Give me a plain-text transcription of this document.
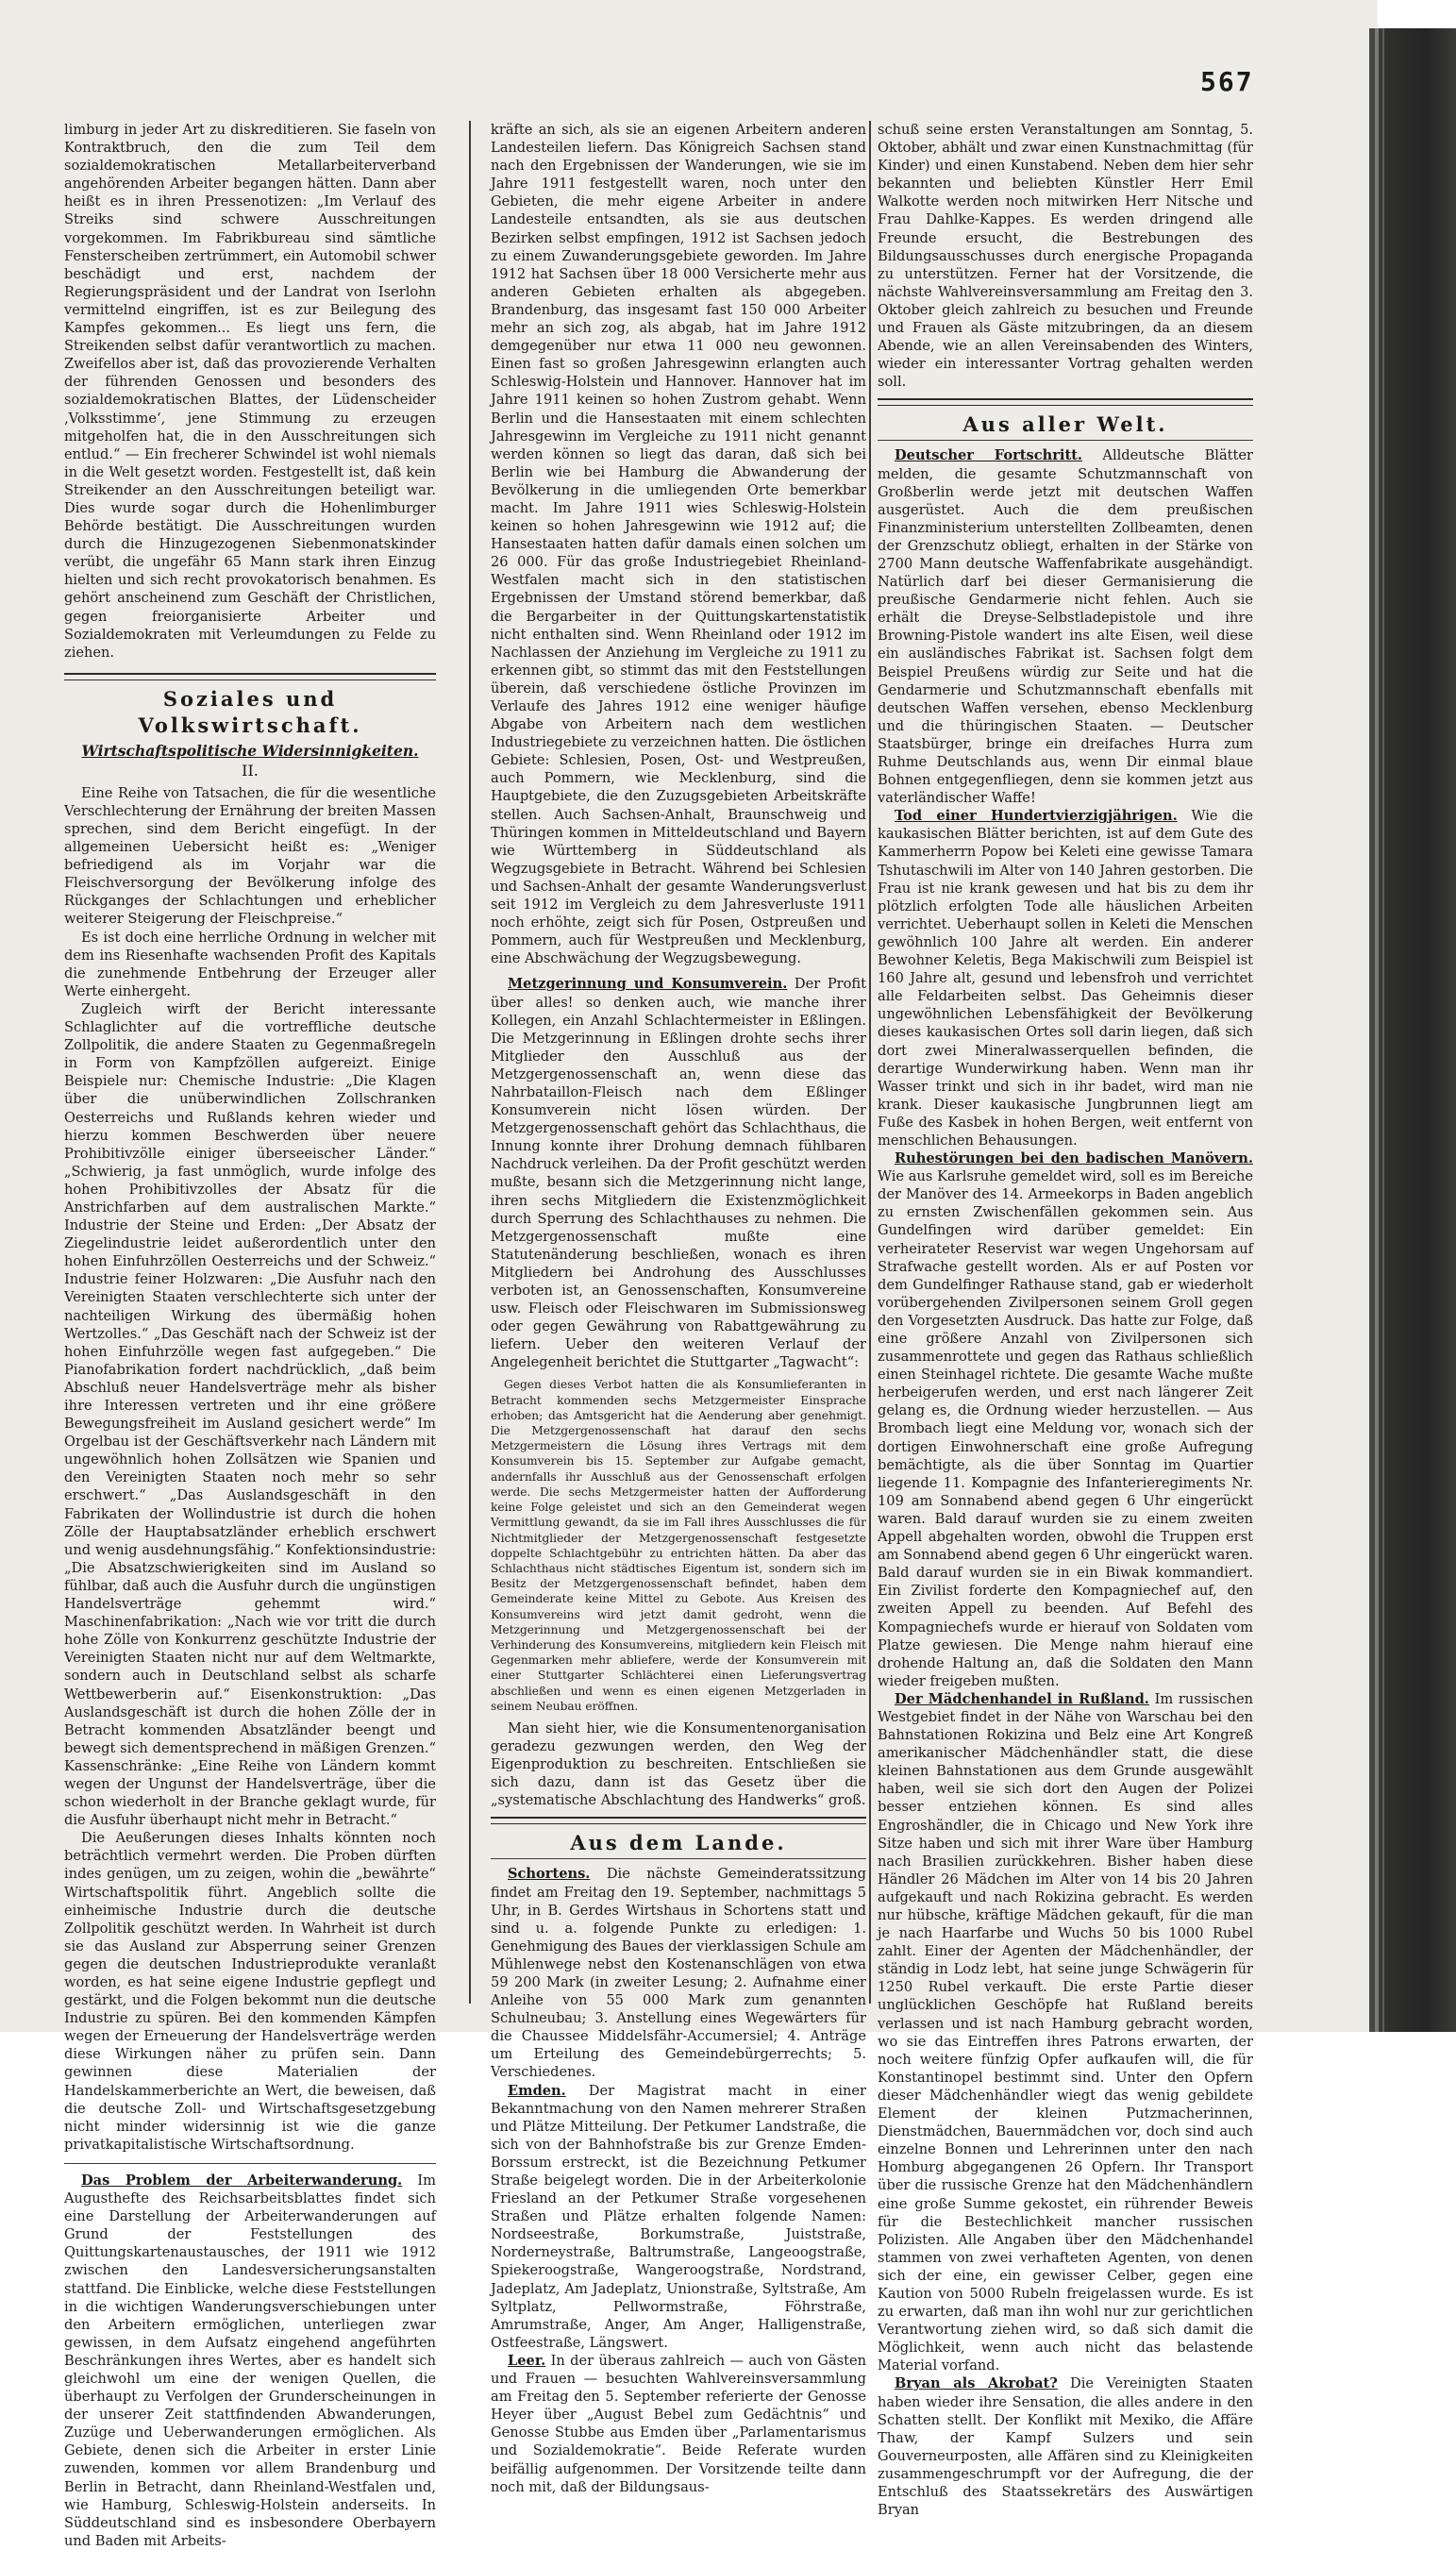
567

limburg in jeder Art zu diskreditieren. Sie faseln von Kontraktbruch, den die zum Teil dem sozialdemokratischen Metallarbeiterverband angehörenden Arbeiter begangen hätten. Dann aber heißt es in ihren Pressenotizen: „Im Verlauf des Streiks sind schwere Ausschreitungen vorgekommen. Im Fabrikbureau sind sämtliche Fensterscheiben zertrümmert, ein Automobil schwer beschädigt und erst, nachdem der Regierungspräsident und der Landrat von Iserlohn vermittelnd eingriffen, ist es zur Beilegung des Kampfes gekommen... Es liegt uns fern, die Streikenden selbst dafür verantwortlich zu machen. Zweifellos aber ist, daß das provozierende Verhalten der führenden Genossen und besonders des sozialdemokratischen Blattes, der Lüdenscheider ‚Volksstimme‘, jene Stimmung zu erzeugen mitgeholfen hat, die in den Ausschreitungen sich entlud.“ — Ein frecherer Schwindel ist wohl niemals in die Welt gesetzt worden. Festgestellt ist, daß kein Streikender an den Ausschreitungen beteiligt war. Dies wurde sogar durch die Hohenlimburger Behörde bestätigt. Die Ausschreitungen wurden durch die Hinzugezogenen Siebenmonatskinder verübt, die ungefähr 65 Mann stark ihren Einzug hielten und sich recht provokatorisch benahmen. Es gehört anscheinend zum Geschäft der Christlichen, gegen freiorganisierte Arbeiter und Sozialdemokraten mit Verleumdungen zu Felde zu ziehen.

Soziales und Volkswirtschaft.
Wirtschaftspolitische Widersinnigkeiten.
II.

Eine Reihe von Tatsachen, die für die wesentliche Verschlechterung der Ernährung der breiten Massen sprechen, sind dem Bericht eingefügt. In der allgemeinen Uebersicht heißt es: „Weniger befriedigend als im Vorjahr war die Fleischversorgung der Bevölkerung infolge des Rückganges der Schlachtungen und erheblicher weiterer Steigerung der Fleischpreise.“

Es ist doch eine herrliche Ordnung in welcher mit dem ins Riesenhafte wachsenden Profit des Kapitals die zunehmende Entbehrung der Erzeuger aller Werte einhergeht.

Zugleich wirft der Bericht interessante Schlaglichter auf die vortreffliche deutsche Zollpolitik, die andere Staaten zu Gegenmaßregeln in Form von Kampfzöllen aufgereizt. Einige Beispiele nur: Chemische Industrie: „Die Klagen über die unüberwindlichen Zollschranken Oesterreichs und Rußlands kehren wieder und hierzu kommen Beschwerden über neuere Prohibitivzölle einiger überseeischer Länder.“ „Schwierig, ja fast unmöglich, wurde infolge des hohen Prohibitivzolles der Absatz für die Anstrichfarben auf dem australischen Markte.“ Industrie der Steine und Erden: „Der Absatz der Ziegelindustrie leidet außerordentlich unter den hohen Einfuhrzöllen Oesterreichs und der Schweiz.“ Industrie feiner Holzwaren: „Die Ausfuhr nach den Vereinigten Staaten verschlechterte sich unter der nachteiligen Wirkung des übermäßig hohen Wertzolles.“ „Das Geschäft nach der Schweiz ist der hohen Einfuhrzölle wegen fast aufgegeben.“ Die Pianofabrikation fordert nachdrücklich, „daß beim Abschluß neuer Handelsverträge mehr als bisher ihre Interessen vertreten und ihr eine größere Bewegungsfreiheit im Ausland gesichert werde“ Im Orgelbau ist der Geschäftsverkehr nach Ländern mit ungewöhnlich hohen Zollsätzen wie Spanien und den Vereinigten Staaten noch mehr so sehr erschwert.“ „Das Auslandsgeschäft in den Fabrikaten der Wollindustrie ist durch die hohen Zölle der Hauptabsatzländer erheblich erschwert und wenig ausdehnungsfähig.“ Konfektionsindustrie: „Die Absatzschwierigkeiten sind im Ausland so fühlbar, daß auch die Ausfuhr durch die ungünstigen Handelsverträge gehemmt wird.“ Maschinenfabrikation: „Nach wie vor tritt die durch hohe Zölle von Konkurrenz geschützte Industrie der Vereinigten Staaten nicht nur auf dem Weltmarkte, sondern auch in Deutschland selbst als scharfe Wettbewerberin auf.“ Eisenkonstruktion: „Das Auslandsgeschäft ist durch die hohen Zölle der in Betracht kommenden Absatzländer beengt und bewegt sich dementsprechend in mäßigen Grenzen.“ Kassenschränke: „Eine Reihe von Ländern kommt wegen der Ungunst der Handelsverträge, über die schon wiederholt in der Branche geklagt wurde, für die Ausfuhr überhaupt nicht mehr in Betracht.“

Die Aeußerungen dieses Inhalts könnten noch beträchtlich vermehrt werden. Die Proben dürften indes genügen, um zu zeigen, wohin die „bewährte“ Wirtschaftspolitik führt. Angeblich sollte die einheimische Industrie durch die deutsche Zollpolitik geschützt werden. In Wahrheit ist durch sie das Ausland zur Absperrung seiner Grenzen gegen die deutschen Industrieprodukte veranlaßt worden, es hat seine eigene Industrie gepflegt und gestärkt, und die Folgen bekommt nun die deutsche Industrie zu spüren. Bei den kommenden Kämpfen wegen der Erneuerung der Handelsverträge werden diese Wirkungen näher zu prüfen sein. Dann gewinnen diese Materialien der Handelskammerberichte an Wert, die beweisen, daß die deutsche Zoll- und Wirtschaftsgesetzgebung nicht minder widersinnig ist wie die ganze privatkapitalistische Wirtschaftsordnung.

Das Problem der Arbeiterwanderung. Im Augusthefte des Reichsarbeitsblattes findet sich eine Darstellung der Arbeiterwanderungen auf Grund der Feststellungen des Quittungskartenaustausches, der 1911 wie 1912 zwischen den Landesversicherungsanstalten stattfand. Die Einblicke, welche diese Feststellungen in die wichtigen Wanderungsverschiebungen unter den Arbeitern ermöglichen, unterliegen zwar gewissen, in dem Aufsatz eingehend angeführten Beschränkungen ihres Wertes, aber es handelt sich gleichwohl um eine der wenigen Quellen, die überhaupt zu Verfolgen der Grunderscheinungen in der unserer Zeit stattfindenden Abwanderungen, Zuzüge und Ueberwanderungen ermöglichen. Als Gebiete, denen sich die Arbeiter in erster Linie zuwenden, kommen vor allem Brandenburg und Berlin in Betracht, dann Rheinland-Westfalen und, wie Hamburg, Schleswig-Holstein anderseits. In Süddeutschland sind es insbesondere Oberbayern und Baden mit Arbeits-

kräfte an sich, als sie an eigenen Arbeitern anderen Landesteilen liefern. Das Königreich Sachsen stand nach den Ergebnissen der Wanderungen, wie sie im Jahre 1911 festgestellt waren, noch unter den Gebieten, die mehr eigene Arbeiter in andere Landesteile entsandten, als sie aus deutschen Bezirken selbst empfingen, 1912 ist Sachsen jedoch zu einem Zuwanderungsgebiete geworden. Im Jahre 1912 hat Sachsen über 18 000 Versicherte mehr aus anderen Gebieten erhalten als abgegeben. Brandenburg, das insgesamt fast 150 000 Arbeiter mehr an sich zog, als abgab, hat im Jahre 1912 demgegenüber nur etwa 11 000 neu gewonnen. Einen fast so großen Jahresgewinn erlangten auch Schleswig-Holstein und Hannover. Hannover hat im Jahre 1911 keinen so hohen Zustrom gehabt. Wenn Berlin und die Hansestaaten mit einem schlechten Jahresgewinn im Vergleiche zu 1911 nicht genannt werden können so liegt das daran, daß sich bei Berlin wie bei Hamburg die Abwanderung der Bevölkerung in die umliegenden Orte bemerkbar macht. Im Jahre 1911 wies Schleswig-Holstein keinen so hohen Jahresgewinn wie 1912 auf; die Hansestaaten hatten dafür damals einen solchen um 26 000. Für das große Industriegebiet Rheinland-Westfalen macht sich in den statistischen Ergebnissen der Umstand störend bemerkbar, daß die Bergarbeiter in der Quittungskartenstatistik nicht enthalten sind. Wenn Rheinland oder 1912 im Nachlassen der Anziehung im Vergleiche zu 1911 zu erkennen gibt, so stimmt das mit den Feststellungen überein, daß verschiedene östliche Provinzen im Verlaufe des Jahres 1912 eine weniger häufige Abgabe von Arbeitern nach dem westlichen Industriegebiete zu verzeichnen hatten. Die östlichen Gebiete: Schlesien, Posen, Ost- und Westpreußen, auch Pommern, wie Mecklenburg, sind die Hauptgebiete, die den Zuzugsgebieten Arbeitskräfte stellen. Auch Sachsen-Anhalt, Braunschweig und Thüringen kommen in Mitteldeutschland und Bayern wie Württemberg in Süddeutschland als Wegzugsgebiete in Betracht. Während bei Schlesien und Sachsen-Anhalt der gesamte Wanderungsverlust seit 1912 im Vergleich zu dem Jahresverluste 1911 noch erhöhte, zeigt sich für Posen, Ostpreußen und Pommern, auch für Westpreußen und Mecklenburg, eine Abschwächung der Wegzugsbewegung.

Metzgerinnung und Konsumverein. Der Profit über alles! so denken auch, wie manche ihrer Kollegen, ein Anzahl Schlachtermeister in Eßlingen. Die Metzgerinnung in Eßlingen drohte sechs ihrer Mitglieder den Ausschluß aus der Metzgergenossenschaft an, wenn diese das Nahrbataillon-Fleisch nach dem Eßlinger Konsumverein nicht lösen würden. Der Metzgergenossenschaft gehört das Schlachthaus, die Innung konnte ihrer Drohung demnach fühlbaren Nachdruck verleihen. Da der Profit geschützt werden mußte, besann sich die Metzgerinnung nicht lange, ihren sechs Mitgliedern die Existenzmöglichkeit durch Sperrung des Schlachthauses zu nehmen. Die Metzgergenossenschaft mußte eine Statutenänderung beschließen, wonach es ihren Mitgliedern bei Androhung des Ausschlusses verboten ist, an Genossenschaften, Konsumvereine usw. Fleisch oder Fleischwaren im Submissionsweg oder gegen Gewährung von Rabattgewährung zu liefern. Ueber den weiteren Verlauf der Angelegenheit berichtet die Stuttgarter „Tagwacht“:

Gegen dieses Verbot hatten die als Konsumlieferanten in Betracht kommenden sechs Metzgermeister Einsprache erhoben; das Amtsgericht hat die Aenderung aber genehmigt. Die Metzgergenossenschaft hat darauf den sechs Metzgermeistern die Lösung ihres Vertrags mit dem Konsumverein bis 15. September zur Aufgabe gemacht, andernfalls ihr Ausschluß aus der Genossenschaft erfolgen werde. Die sechs Metzgermeister hatten der Aufforderung keine Folge geleistet und sich an den Gemeinderat wegen Vermittlung gewandt, da sie im Fall ihres Ausschlusses die für Nichtmitglieder der Metzgergenossenschaft festgesetzte doppelte Schlachtgebühr zu entrichten hätten. Da aber das Schlachthaus nicht städtisches Eigentum ist, sondern sich im Besitz der Metzgergenossenschaft befindet, haben dem Gemeinderate keine Mittel zu Gebote. Aus Kreisen des Konsumvereins wird jetzt damit gedroht, wenn die Metzgerinnung und Metzgergenossenschaft bei der Verhinderung des Konsumvereins, mitgliedern kein Fleisch mit Gegenmarken mehr abliefere, werde der Konsumverein mit einer Stuttgarter Schlächterei einen Lieferungsvertrag abschließen und wenn es einen eigenen Metzgerladen in seinem Neubau eröffnen.

Man sieht hier, wie die Konsumentenorganisation geradezu gezwungen werden, den Weg der Eigenproduktion zu beschreiten. Entschließen sie sich dazu, dann ist das Gesetz über die „systematische Abschlachtung des Handwerks“ groß.

Aus dem Lande.

Schortens. Die nächste Gemeinderatssitzung findet am Freitag den 19. September, nachmittags 5 Uhr, in B. Gerdes Wirtshaus in Schortens statt und sind u. a. folgende Punkte zu erledigen: 1. Genehmigung des Baues der vierklassigen Schule am Mühlenwege nebst den Kostenanschlägen von etwa 59 200 Mark (in zweiter Lesung; 2. Aufnahme einer Anleihe von 55 000 Mark zum genannten Schulneubau; 3. Anstellung eines Wegewärters für die Chaussee Middelsfähr-Accumersiel; 4. Anträge um Erteilung des Gemeindebürgerrechts; 5. Verschiedenes.

Emden. Der Magistrat macht in einer Bekanntmachung von den Namen mehrerer Straßen und Plätze Mitteilung. Der Petkumer Landstraße, die sich von der Bahnhofstraße bis zur Grenze Emden-Borssum erstreckt, ist die Bezeichnung Petkumer Straße beigelegt worden. Die in der Arbeiterkolonie Friesland an der Petkumer Straße vorgesehenen Straßen und Plätze erhalten folgende Namen: Nordseestraße, Borkumstraße, Juiststraße, Norderneystraße, Baltrumstraße, Langeoogstraße, Spiekeroogstraße, Wangeroogstraße, Nordstrand, Jadeplatz, Am Jadeplatz, Unionstraße, Syltstraße, Am Syltplatz, Pellwormstraße, Föhrstraße, Amrumstraße, Anger, Am Anger, Halligenstraße, Ostfeestraße, Längswert.

Leer. In der überaus zahlreich — auch von Gästen und Frauen — besuchten Wahlvereinsversammlung am Freitag den 5. September referierte der Genosse Heyer über „August Bebel zum Gedächtnis“ und Genosse Stubbe aus Emden über „Parlamentarismus und Sozialdemokratie“. Beide Referate wurden beifällig aufgenommen. Der Vorsitzende teilte dann noch mit, daß der Bildungsaus-

schuß seine ersten Veranstaltungen am Sonntag, 5. Oktober, abhält und zwar einen Kunstnachmittag (für Kinder) und einen Kunstabend. Neben dem hier sehr bekannten und beliebten Künstler Herr Emil Walkotte werden noch mitwirken Herr Nitsche und Frau Dahlke-Kappes. Es werden dringend alle Freunde ersucht, die Bestrebungen des Bildungsausschusses durch energische Propaganda zu unterstützen. Ferner hat der Vorsitzende, die nächste Wahlvereinsversammlung am Freitag den 3. Oktober gleich zahlreich zu besuchen und Freunde und Frauen als Gäste mitzubringen, da an diesem Abende, wie an allen Vereinsabenden des Winters, wieder ein interessanter Vortrag gehalten werden soll.

Aus aller Welt.

Deutscher Fortschritt. Alldeutsche Blätter melden, die gesamte Schutzmannschaft von Großberlin werde jetzt mit deutschen Waffen ausgerüstet. Auch die dem preußischen Finanzministerium unterstellten Zollbeamten, denen der Grenzschutz obliegt, erhalten in der Stärke von 2700 Mann deutsche Waffenfabrikate ausgehändigt. Natürlich darf bei dieser Germanisierung die preußische Gendarmerie nicht fehlen. Auch sie erhält die Dreyse-Selbstladepistole und ihre Browning-Pistole wandert ins alte Eisen, weil diese ein ausländisches Fabrikat ist. Sachsen folgt dem Beispiel Preußens würdig zur Seite und hat die Gendarmerie und Schutzmannschaft ebenfalls mit deutschen Waffen versehen, ebenso Mecklenburg und die thüringischen Staaten. — Deutscher Staatsbürger, bringe ein dreifaches Hurra zum Ruhme Deutschlands aus, wenn Dir einmal blaue Bohnen entgegenfliegen, denn sie kommen jetzt aus vaterländischer Waffe!

Tod einer Hundertvierzigjährigen. Wie die kaukasischen Blätter berichten, ist auf dem Gute des Kammerherrn Popow bei Keleti eine gewisse Tamara Tshutaschwili im Alter von 140 Jahren gestorben. Die Frau ist nie krank gewesen und hat bis zu dem ihr plötzlich erfolgten Tode alle häuslichen Arbeiten verrichtet. Ueberhaupt sollen in Keleti die Menschen gewöhnlich 100 Jahre alt werden. Ein anderer Bewohner Keletis, Bega Makischwili zum Beispiel ist 160 Jahre alt, gesund und lebensfroh und verrichtet alle Feldarbeiten selbst. Das Geheimnis dieser ungewöhnlichen Lebensfähigkeit der Bevölkerung dieses kaukasischen Ortes soll darin liegen, daß sich dort zwei Mineralwasserquellen befinden, die derartige Wunderwirkung haben. Wenn man ihr Wasser trinkt und sich in ihr badet, wird man nie krank. Dieser kaukasische Jungbrunnen liegt am Fuße des Kasbek in hohen Bergen, weit entfernt von menschlichen Behausungen.

Ruhestörungen bei den badischen Manövern. Wie aus Karlsruhe gemeldet wird, soll es im Bereiche der Manöver des 14. Armeekorps in Baden angeblich zu ernsten Zwischenfällen gekommen sein. Aus Gundelfingen wird darüber gemeldet: Ein verheirateter Reservist war wegen Ungehorsam auf Strafwache gestellt worden. Als er auf Posten vor dem Gundelfinger Rathause stand, gab er wiederholt vorübergehenden Zivilpersonen seinem Groll gegen den Vorgesetzten Ausdruck. Das hatte zur Folge, daß eine größere Anzahl von Zivilpersonen sich zusammenrottete und gegen das Rathaus schließlich einen Steinhagel richtete. Die gesamte Wache mußte herbeigerufen werden, und erst nach längerer Zeit gelang es, die Ordnung wieder herzustellen. — Aus Brombach liegt eine Meldung vor, wonach sich der dortigen Einwohnerschaft eine große Aufregung bemächtigte, als die über Sonntag im Quartier liegende 11. Kompagnie des Infanterieregiments Nr. 109 am Sonnabend abend gegen 6 Uhr eingerückt waren. Bald darauf wurden sie zu einem zweiten Appell abgehalten worden, obwohl die Truppen erst am Sonnabend abend gegen 6 Uhr eingerückt waren. Bald darauf wurden sie in ein Biwak kommandiert. Ein Zivilist forderte den Kompagniechef auf, den zweiten Appell zu beenden. Auf Befehl des Kompagniechefs wurde er hierauf von Soldaten vom Platze gewiesen. Die Menge nahm hierauf eine drohende Haltung an, daß die Soldaten den Mann wieder freigeben mußten.

Der Mädchenhandel in Rußland. Im russischen Westgebiet findet in der Nähe von Warschau bei den Bahnstationen Rokizina und Belz eine Art Kongreß amerikanischer Mädchenhändler statt, die diese kleinen Bahnstationen aus dem Grunde ausgewählt haben, weil sie sich dort den Augen der Polizei besser entziehen können. Es sind alles Engroshändler, die in Chicago und New York ihre Sitze haben und sich mit ihrer Ware über Hamburg nach Brasilien zurückkehren. Bisher haben diese Händler 26 Mädchen im Alter von 14 bis 20 Jahren aufgekauft und nach Rokizina gebracht. Es werden nur hübsche, kräftige Mädchen gekauft, für die man je nach Haarfarbe und Wuchs 50 bis 1000 Rubel zahlt. Einer der Agenten der Mädchenhändler, der ständig in Lodz lebt, hat seine junge Schwägerin für 1250 Rubel verkauft. Die erste Partie dieser unglücklichen Geschöpfe hat Rußland bereits verlassen und ist nach Hamburg gebracht worden, wo sie das Eintreffen ihres Patrons erwarten, der noch weitere fünfzig Opfer aufkaufen will, die für Konstantinopel bestimmt sind. Unter den Opfern dieser Mädchenhändler wiegt das wenig gebildete Element der kleinen Putzmacherinnen, Dienstmädchen, Bauernmädchen vor, doch sind auch einzelne Bonnen und Lehrerinnen unter den nach Homburg abgegangenen 26 Opfern. Ihr Transport über die russische Grenze hat den Mädchenhändlern eine große Summe gekostet, ein rührender Beweis für die Bestechlichkeit mancher russischen Polizisten. Alle Angaben über den Mädchenhandel stammen von zwei verhafteten Agenten, von denen sich der eine, ein gewisser Celber, gegen eine Kaution von 5000 Rubeln freigelassen wurde. Es ist zu erwarten, daß man ihn wohl nur zur gerichtlichen Verantwortung ziehen wird, so daß sich damit die Möglichkeit, wenn auch nicht das belastende Material vorfand.

Bryan als Akrobat? Die Vereinigten Staaten haben wieder ihre Sensation, die alles andere in den Schatten stellt. Der Konflikt mit Mexiko, die Affäre Thaw, der Kampf Sulzers und sein Gouverneurposten, alle Affären sind zu Kleinigkeiten zusammengeschrumpft vor der Aufregung, die der Entschluß des Staatssekretärs des Auswärtigen Bryan
